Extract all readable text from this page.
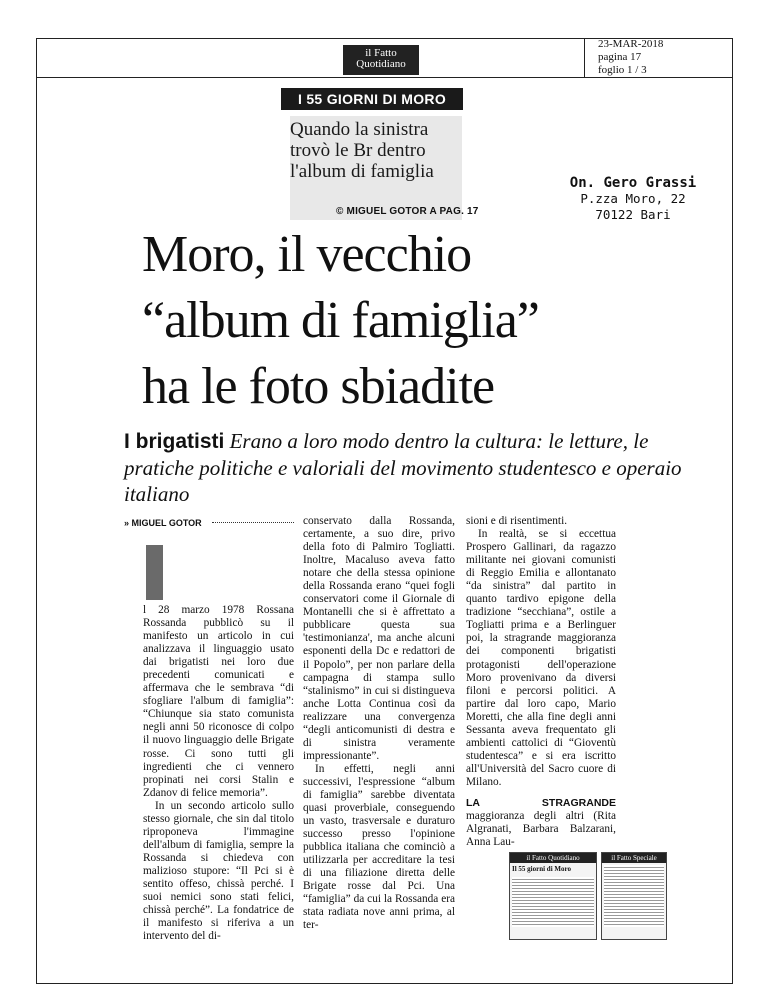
il Fatto
Quotidiano
23-MAR-2018
pagina 17
foglio 1 / 3
I 55 GIORNI DI MORO
Quando la sinistra
trovò le Br dentro
l'album di famiglia
© MIGUEL GOTOR A PAG. 17
On. Gero Grassi
P.zza Moro, 22
70122 Bari
Moro, il vecchio
“album di famiglia”
ha le foto sbiadite
I brigatisti Erano a loro modo dentro la cultura: le letture, le pratiche politiche e valoriali del movimento studentesco e operaio italiano
» MIGUEL GOTOR

l 28 marzo 1978 Rossana Rossanda pubblicò su il manifesto un articolo in cui analizzava il linguaggio usato dai brigatisti nei loro due precedenti comunicati e affermava che le sembrava “di sfogliare l'album di famiglia”: “Chiunque sia stato comunista negli anni 50 riconosce di colpo il nuovo linguaggio delle Brigate rosse. Ci sono tutti gli ingredienti che ci vennero propinati nei corsi Stalin e Zdanov di felice memoria”.

In un secondo articolo sullo stesso giornale, che sin dal titolo riproponeva l'immagine dell'album di famiglia, sempre la Rossanda si chiedeva con malizioso stupore: “Il Pci si è sentito offeso, chissà perché. I suoi nemici sono stati felici, chissà perché”. La fondatrice de il manifesto si riferiva a un intervento del di-

conservato dalla Rossanda, certamente, a suo dire, privo della foto di Palmiro Togliatti. Inoltre, Macaluso aveva fatto notare che della stessa opinione della Rossanda erano “quei fogli conservatori come il Giornale di Montanelli che si è affrettato a pubblicare questa sua 'testimonianza', ma anche alcuni esponenti della Dc e redattori de il Popolo”, per non parlare della campagna di stampa sullo “stalinismo” in cui si distingueva anche Lotta Continua così da realizzare una convergenza “degli anticomunisti di destra e di sinistra veramente impressionante”.

In effetti, negli anni successivi, l'espressione “album di famiglia” sarebbe diventata quasi proverbiale, conseguendo un vasto, trasversale e duraturo successo presso l'opinione pubblica italiana che cominciò a utilizzarla per accreditare la tesi di una filiazione diretta delle Brigate rosse dal Pci. Una “famiglia” da cui la Rossanda era stata radiata nove anni prima, al ter-

sioni e di risentimenti.

In realtà, se si eccettua Prospero Gallinari, da ragazzo militante nei giovani comunisti di Reggio Emilia e allontanato “da sinistra” dal partito in quanto tardivo epigone della tradizione “secchiana”, ostile a Togliatti prima e a Berlinguer poi, la stragrande maggioranza dei componenti brigatisti protagonisti dell'operazione Moro provenivano da diversi filoni e percorsi politici. A partire dal loro capo, Mario Moretti, che alla fine degli anni Sessanta aveva frequentato gli ambienti cattolici di “Gioventù studentesca” e si era iscritto all'Università del Sacro cuore di Milano.

LA STRAGRANDE maggioranza degli altri (Rita Algranati, Barbara Balzarani, Anna Lau-

il Fatto Quotidiano
Il 55 giorni di Moro
il Fatto Speciale
